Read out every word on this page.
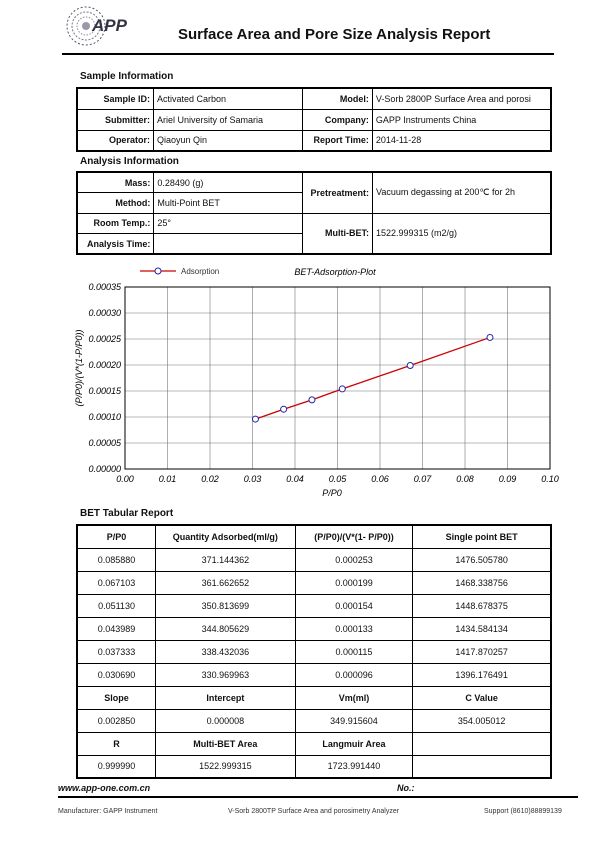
APP	Surface Area and Pore Size Analysis Report
Sample Information
Sample ID:	Activated Carbon	Model:	V-Sorb 2800P Surface Area and porosi
Submitter:	Ariel University of Samaria	Company:	GAPP Instruments China
Operator:	Qiaoyun Qin	Report Time:	2014-11-28
Analysis Information
Mass:	0.28490 (g)	Pretreatment:	Vacuum degassing at 200℃ for 2h
Method:	Multi-Point BET		
Room Temp.:	25°	Multi-BET:	1522.999315 (m2/g)
Analysis Time:			
0.00	0.01	0.02	0.03	0.04	0.05	0.06	0.07	0.08	0.09	0.10
0.00000
0.00005
0.00010
0.00015
0.00020
0.00025
0.00030
0.00035
Adsorption	BET-Adsorption-Plot
P/P0
(P/P0)/(V*(1-P/P0))
BET Tabular Report
P/P0	Quantity Adsorbed(ml/g)	(P/P0)/(V*(1- P/P0))	Single point BET
0.085880	371.144362	0.000253	1476.505780
0.067103	361.662652	0.000199	1468.338756
0.051130	350.813699	0.000154	1448.678375
0.043989	344.805629	0.000133	1434.584134
0.037333	338.432036	0.000115	1417.870257
0.030690	330.969963	0.000096	1396.176491
Slope	Intercept	Vm(ml)	C Value
0.002850	0.000008	349.915604	354.005012
R	Multi-BET Area	Langmuir Area	
0.999990	1522.999315	1723.991440	
www.app-one.com.cn	No.:
Manufacturer: GAPP Instrument	V-Sorb 2800TP Surface Area and porosimetry Analyzer	Support (8610)88899139
